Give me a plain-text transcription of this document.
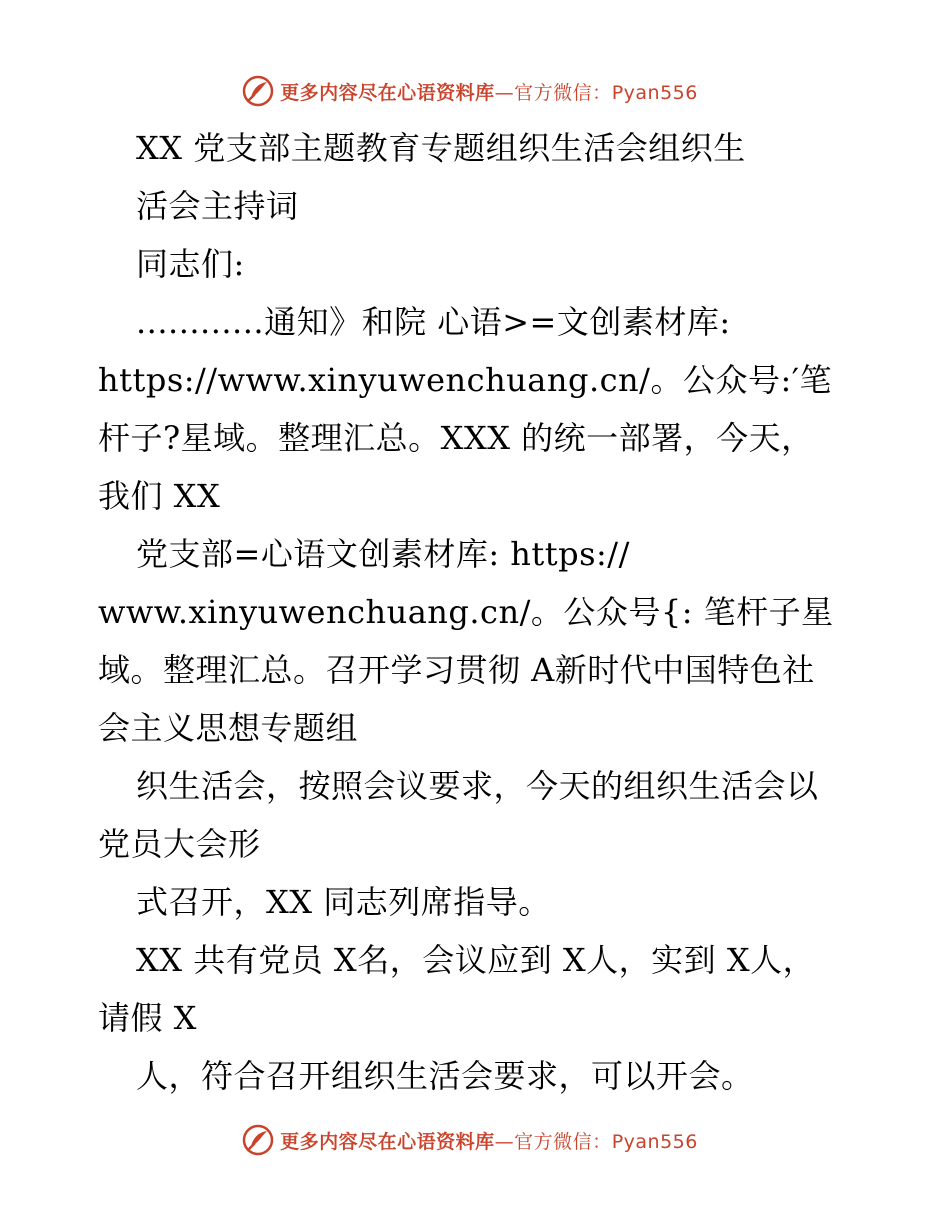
更多内容尽在心语资料库—官方微信：Pyan556
XX 党支部主题教育专题组织生活会组织生
活会主持词
同志们:
............通知》和院 心语>=文创素材库:
https://www.xinyuwenchuang.cn/。公众号:′笔
杆子?星域。整理汇总。XXX 的统一部署，今天，
我们 XX
党支部=心语文创素材库: https://
www.xinyuwenchuang.cn/。公众号{: 笔杆子星
域。整理汇总。召开学习贯彻 A新时代中国特色社
会主义思想专题组
织生活会，按照会议要求，今天的组织生活会以
党员大会形
式召开，XX 同志列席指导。
XX 共有党员 X名，会议应到 X人，实到 X人，
请假 X
人，符合召开组织生活会要求，可以开会。
更多内容尽在心语资料库—官方微信：Pyan556
